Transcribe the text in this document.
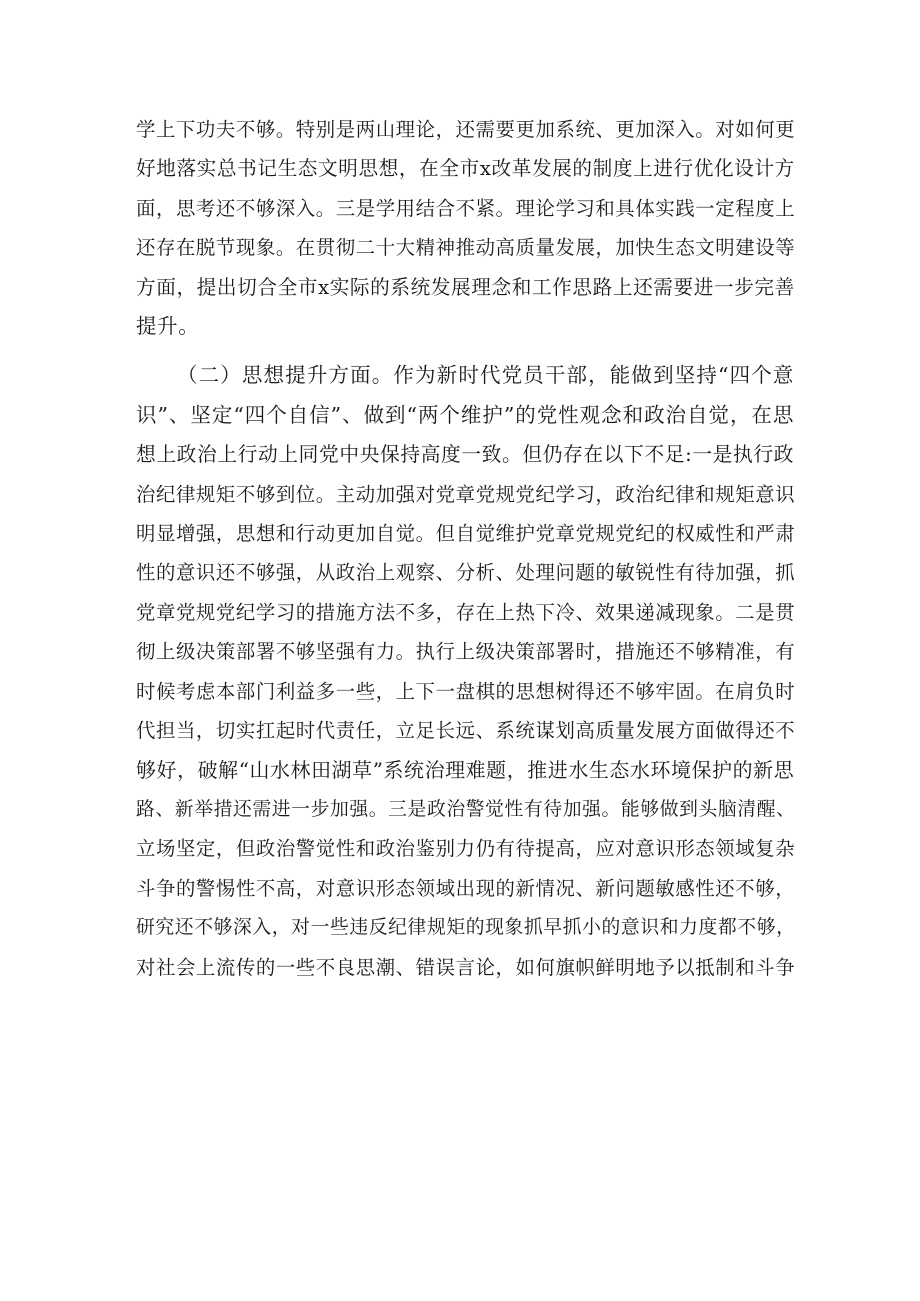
学上下功夫不够。特别是两山理论，还需要更加系统、更加深入。对如何更
好地落实总书记生态文明思想，在全市x改革发展的制度上进行优化设计方
面，思考还不够深入。三是学用结合不紧。理论学习和具体实践一定程度上
还存在脱节现象。在贯彻二十大精神推动高质量发展，加快生态文明建设等
方面，提出切合全市x实际的系统发展理念和工作思路上还需要进一步完善
提升。

（二）思想提升方面。作为新时代党员干部，能做到坚持“四个意
识”、坚定“四个自信”、做到“两个维护”的党性观念和政治自觉，在思
想上政治上行动上同党中央保持高度一致。但仍存在以下不足:一是执行政
治纪律规矩不够到位。主动加强对党章党规党纪学习，政治纪律和规矩意识
明显增强，思想和行动更加自觉。但自觉维护党章党规党纪的权威性和严肃
性的意识还不够强，从政治上观察、分析、处理问题的敏锐性有待加强，抓
党章党规党纪学习的措施方法不多，存在上热下冷、效果递减现象。二是贯
彻上级决策部署不够坚强有力。执行上级决策部署时，措施还不够精准，有
时候考虑本部门利益多一些，上下一盘棋的思想树得还不够牢固。在肩负时
代担当，切实扛起时代责任，立足长远、系统谋划高质量发展方面做得还不
够好，破解“山水林田湖草”系统治理难题，推进水生态水环境保护的新思
路、新举措还需进一步加强。三是政治警觉性有待加强。能够做到头脑清醒、
立场坚定，但政治警觉性和政治鉴别力仍有待提高，应对意识形态领域复杂
斗争的警惕性不高，对意识形态领域出现的新情况、新问题敏感性还不够，
研究还不够深入，对一些违反纪律规矩的现象抓早抓小的意识和力度都不够，
对社会上流传的一些不良思潮、错误言论，如何旗帜鲜明地予以抵制和斗争
